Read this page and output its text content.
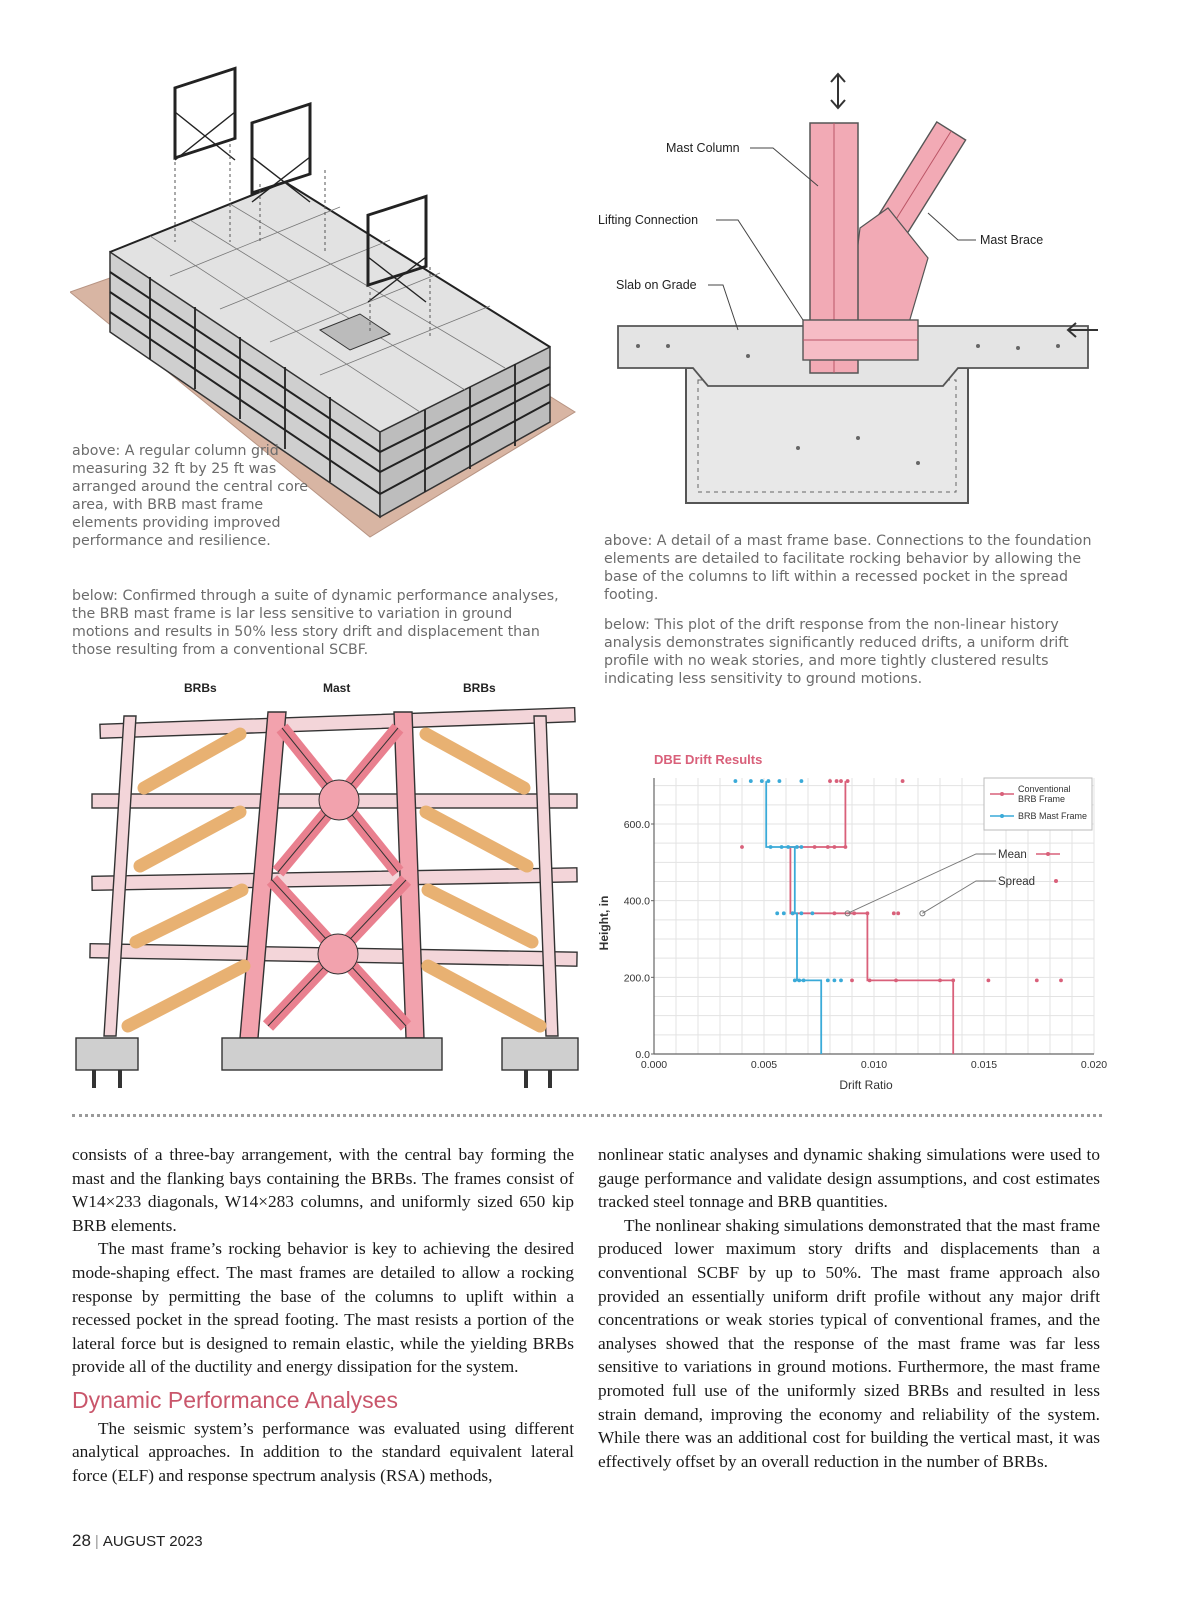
above: A regular column grid measuring 32 ft by 25 ft was arranged around the central core area, with BRB mast frame elements providing improved performance and resilience.

below: Confirmed through a suite of dynamic performance analyses, the BRB mast frame is lar less sensitive to variation in ground motions and results in 50% less story drift and displacement than those resulting from a conventional SCBF.

Mast Column
Lifting Connection
Slab on Grade
Mast Brace

above: A detail of a mast frame base. Connections to the foundation elements are detailed to facilitate rocking behavior by allowing the base of the columns to lift within a recessed pocket in the spread footing.

below: This plot of the drift response from the non-linear history analysis demonstrates significantly reduced drifts, a uniform drift profile with no weak stories, and more tightly clustered results indicating less sensitivity to ground motions.

BRBs	Mast	BRBs
DBE Drift Results
0.000	0.005	0.010	0.015	0.020
0.0
200.0
400.0
600.0
Drift Ratio
Height, in
Conventional
BRB Frame
BRB Mast Frame
Mean
Spread

consists of a three-bay arrangement, with the central bay forming the mast and the flanking bays containing the BRBs. The frames consist of W14×233 diagonals, W14×283 columns, and uniformly sized 650 kip BRB elements.

The mast frame’s rocking behavior is key to achieving the desired mode-shaping effect. The mast frames are detailed to allow a rocking response by permitting the base of the columns to uplift within a recessed pocket in the spread footing. The mast resists a portion of the lateral force but is designed to remain elastic, while the yielding BRBs provide all of the ductility and energy dissipation for the system.

Dynamic Performance Analyses

The seismic system’s performance was evaluated using different analytical approaches. In addition to the standard equivalent lateral force (ELF) and response spectrum analysis (RSA) methods,

nonlinear static analyses and dynamic shaking simulations were used to gauge performance and validate design assumptions, and cost estimates tracked steel tonnage and BRB quantities.

The nonlinear shaking simulations demonstrated that the mast frame produced lower maximum story drifts and displacements than a conventional SCBF by up to 50%. The mast frame approach also provided an essentially uniform drift profile without any major drift concentrations or weak stories typical of conventional frames, and the analyses showed that the response of the mast frame was far less sensitive to variations in ground motions. Furthermore, the mast frame promoted full use of the uniformly sized BRBs and resulted in less strain demand, improving the economy and reliability of the system. While there was an additional cost for building the vertical mast, it was effectively offset by an overall reduction in the number of BRBs.

28 | AUGUST 2023
